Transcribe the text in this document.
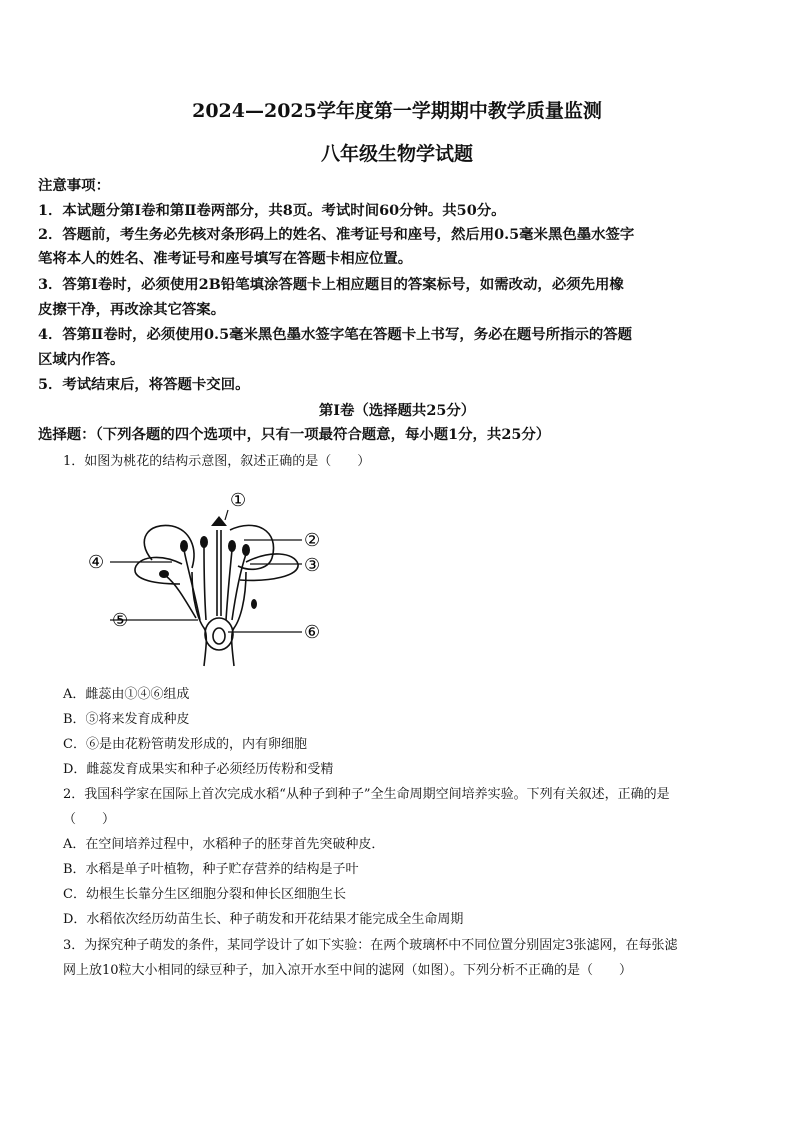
2024—2025学年度第一学期期中教学质量监测
八年级生物学试题
注意事项：
1．本试题分第Ⅰ卷和第Ⅱ卷两部分，共8页。考试时间60分钟。共50分。
2．答题前，考生务必先核对条形码上的姓名、准考证号和座号，然后用0.5毫米黑色墨水签字
笔将本人的姓名、准考证号和座号填写在答题卡相应位置。
3．答第Ⅰ卷时，必须使用2B铅笔填涂答题卡上相应题目的答案标号，如需改动，必须先用橡
皮擦干净，再改涂其它答案。
4．答第Ⅱ卷时，必须使用0.5毫米黑色墨水签字笔在答题卡上书写，务必在题号所指示的答题
区域内作答。
5．考试结束后，将答题卡交回。
第Ⅰ卷（选择题共25分）
选择题：（下列各题的四个选项中，只有一项最符合题意，每小题1分，共25分）
1．如图为桃花的结构示意图，叙述正确的是（　　）
①
②
③
④
⑤
⑥
A．雌蕊由①④⑥组成
B．⑤将来发育成种皮
C．⑥是由花粉管萌发形成的，内有卵细胞
D．雌蕊发育成果实和种子必须经历传粉和受精
2．我国科学家在国际上首次完成水稻“从种子到种子”全生命周期空间培养实验。下列有关叙述，正确的是
（　　）
A．在空间培养过程中，水稻种子的胚芽首先突破种皮．
B．水稻是单子叶植物，种子贮存营养的结构是子叶
C．幼根生长靠分生区细胞分裂和伸长区细胞生长
D．水稻依次经历幼苗生长、种子萌发和开花结果才能完成全生命周期
3．为探究种子萌发的条件，某同学设计了如下实验：在两个玻璃杯中不同位置分别固定3张滤网，在每张滤
网上放10粒大小相同的绿豆种子，加入凉开水至中间的滤网（如图）。下列分析不正确的是（　　）
